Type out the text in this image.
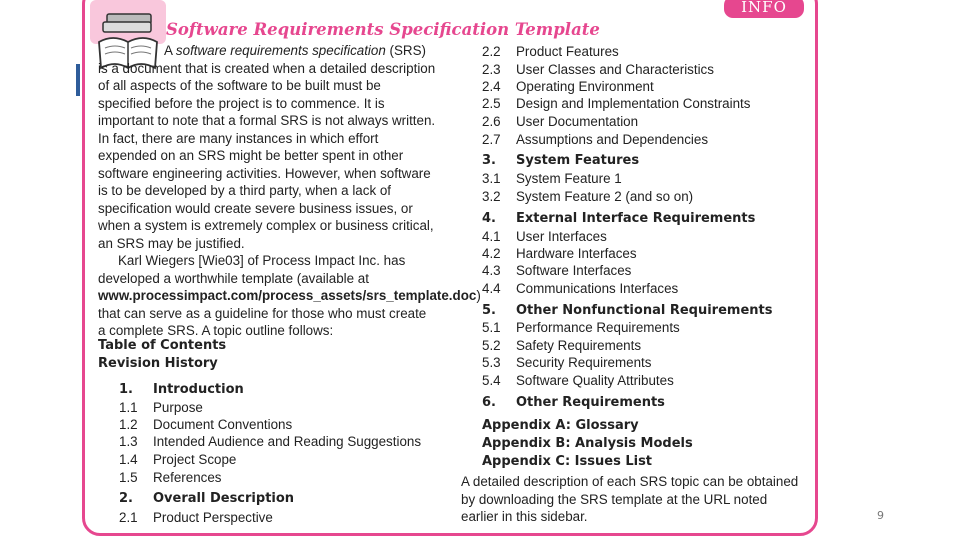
INFO
Software Requirements Specification Template

A software requirements specification (SRS) is a document that is created when a detailed description of all aspects of the software to be built must be specified before the project is to commence. It is important to note that a formal SRS is not always written. In fact, there are many instances in which effort expended on an SRS might be better spent in other software engineering activities. However, when software is to be developed by a third party, when a lack of specification would create severe business issues, or when a system is extremely complex or business critical, an SRS may be justified.

Karl Wiegers [Wie03] of Process Impact Inc. has developed a worthwhile template (available at www.processimpact.com/process_assets/srs_template.doc) that can serve as a guideline for those who must create a complete SRS. A topic outline follows:

Table of Contents
Revision History
1. Introduction
1.1 Purpose
1.2 Document Conventions
1.3 Intended Audience and Reading Suggestions
1.4 Project Scope
1.5 References
2. Overall Description
2.1 Product Perspective
2.2 Product Features
2.3 User Classes and Characteristics
2.4 Operating Environment
2.5 Design and Implementation Constraints
2.6 User Documentation
2.7 Assumptions and Dependencies
3. System Features
3.1 System Feature 1
3.2 System Feature 2 (and so on)
4. External Interface Requirements
4.1 User Interfaces
4.2 Hardware Interfaces
4.3 Software Interfaces
4.4 Communications Interfaces
5. Other Nonfunctional Requirements
5.1 Performance Requirements
5.2 Safety Requirements
5.3 Security Requirements
5.4 Software Quality Attributes
6. Other Requirements
Appendix A: Glossary
Appendix B: Analysis Models
Appendix C: Issues List
A detailed description of each SRS topic can be obtained by downloading the SRS template at the URL noted earlier in this sidebar.	9
